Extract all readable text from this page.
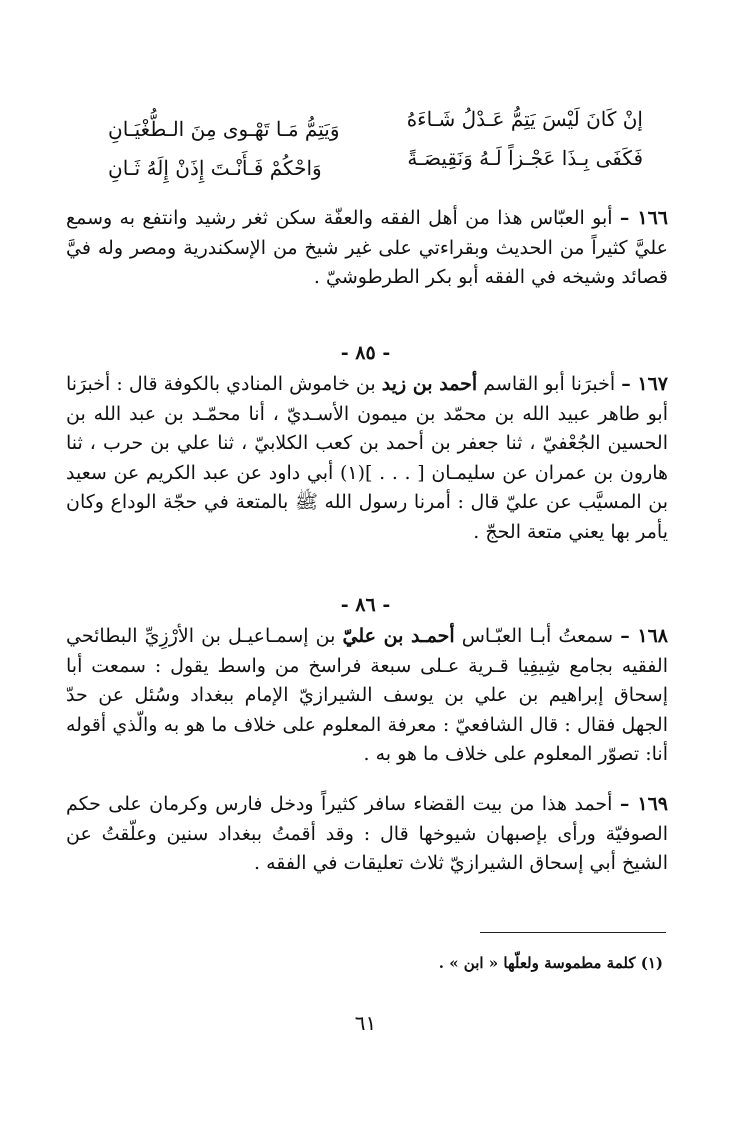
إنْ كَانَ لَيْسَ يَتِمُّ عَـدْلُ شَـاءَهُ
وَيَتِمُّ مَـا تَهْـوى مِنَ الـطُّغْيَـانِ
فَكَفَى بِـذَا عَجْـزاً لَـهُ وَنَقِيصَـةً
وَاحْكُمْ فَـأَنْـتَ إِذَنْ إِلَهُ ثَـانِ
١٦٦ – أبو العبّاس هذا من أهل الفقه والعفّة سكن ثغر رشيد وانتفع به وسمع عليَّ كثيراً من الحديث وبقراءتي على غير شيخ من الإسكندرية ومصر وله فيَّ قصائد وشيخه في الفقه أبو بكر الطرطوشيّ .
- ٨٥ -
١٦٧ – أخبرَنا أبو القاسم أحمد بن زيد بن خاموش المنادي بالكوفة قال : أخبرَنا أبو طاهر عبيد الله بن محمّد بن ميمون الأسـديّ ، أنا محمّـد بن عبد الله بن الحسين الجُعْفيّ ، ثنا جعفر بن أحمد بن كعب الكلابيّ ، ثنا علي بن حرب ، ثنا هارون بن عمران عن سليمـان [ . . . ](١) أبي داود عن عبد الكريم عن سعيد بن المسيَّب عن عليّ قال : أمرنا رسول الله ﷺ بالمتعة في حجّة الوداع وكان يأمر بها يعني متعة الحجّ .
- ٨٦ -
١٦٨ – سمعتُ أبـا العبّـاس أحمـد بن عليّ بن إسمـاعيـل بن الأرْزِيِّ البطائحي الفقيه بجامع شِيفِيا قـرية عـلى سبعة فراسخ من واسط يقول : سمعت أبا إسحاق إبراهيم بن علي بن يوسف الشيرازيّ الإمام ببغداد وسُئل عن حدّ الجهل فقال : قال الشافعيّ : معرفة المعلوم على خلاف ما هو به والّذي أقوله أنا: تصوّر المعلوم على خلاف ما هو به .
١٦٩ – أحمد هذا من بيت القضاء سافر كثيراً ودخل فارس وكرمان على حكم الصوفيّة ورأى بإصبهان شيوخها قال : وقد أقمتُ ببغداد سنين وعلّقتُ عن الشيخ أبي إسحاق الشيرازيّ ثلاث تعليقات في الفقه .
(١) كلمة مطموسة ولعلّها « ابن » .
٦١
